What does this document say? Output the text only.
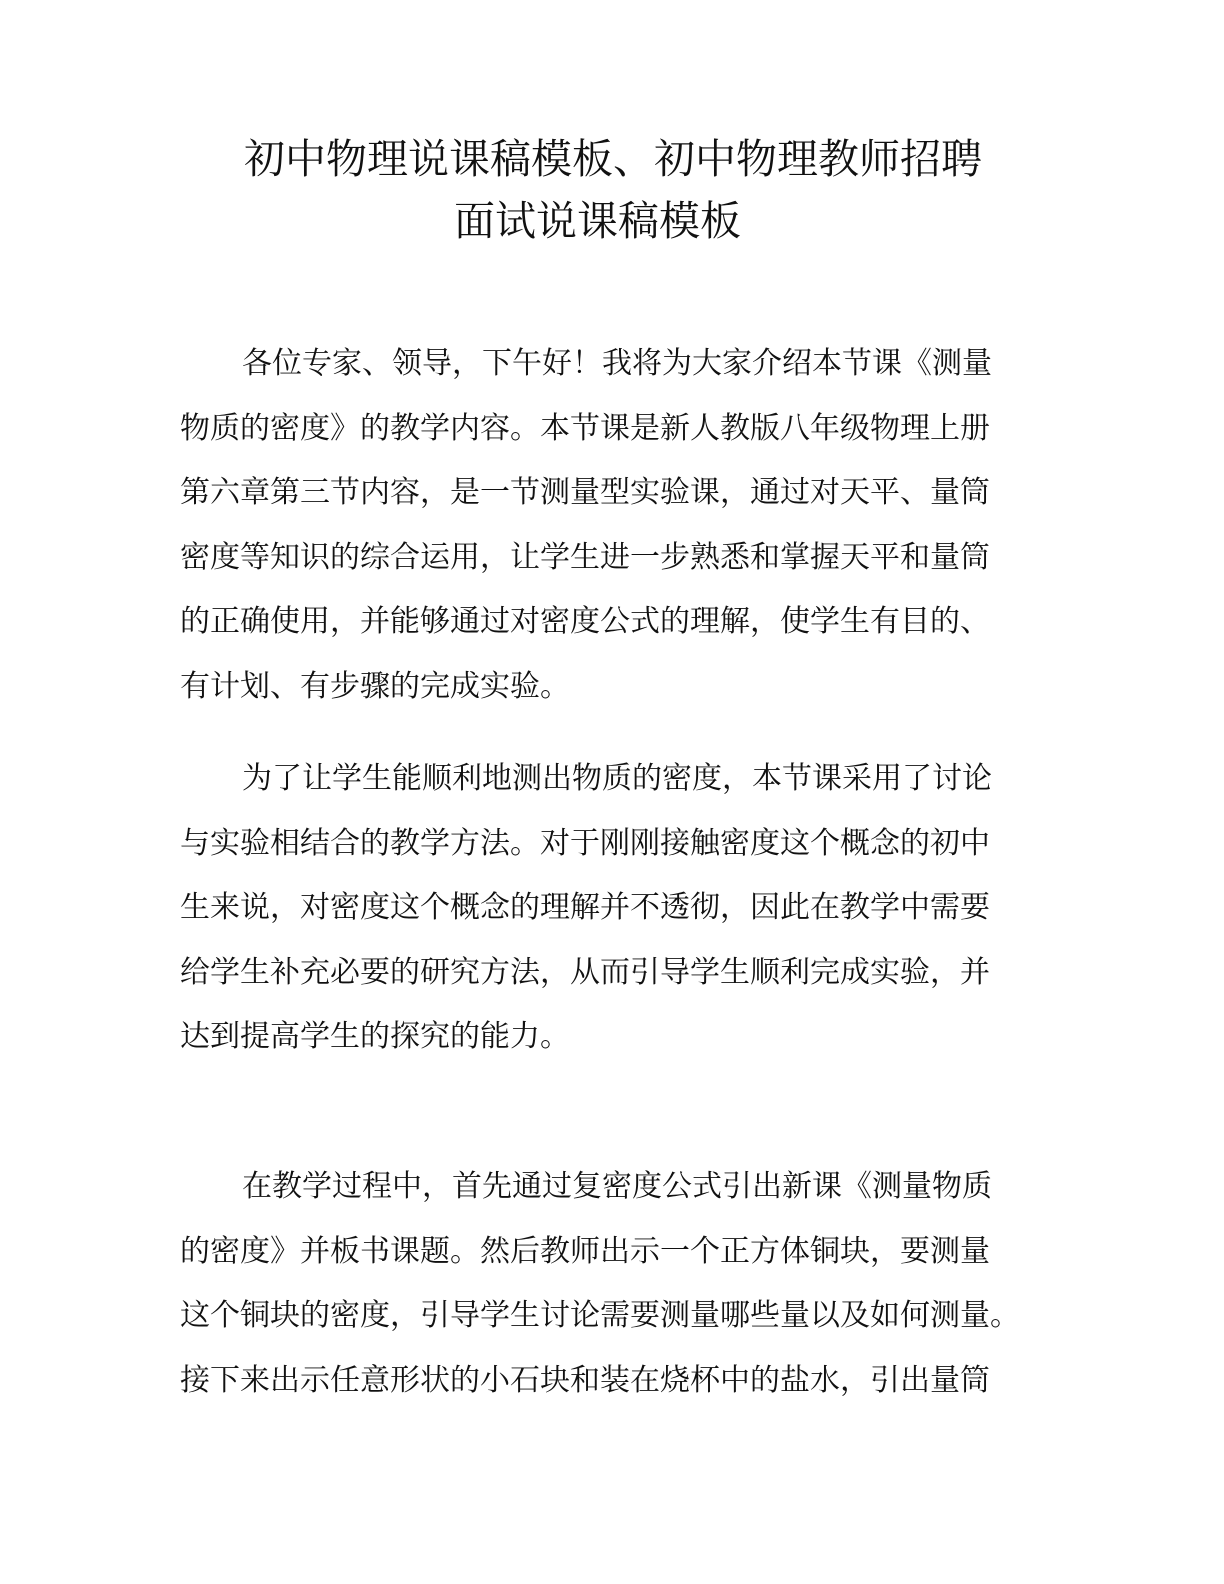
初中物理说课稿模板、初中物理教师招聘
面试说课稿模板

各位专家、领导，下午好！我将为大家介绍本节课《测量
物质的密度》的教学内容。本节课是新人教版八年级物理上册
第六章第三节内容，是一节测量型实验课，通过对天平、量筒
密度等知识的综合运用，让学生进一步熟悉和掌握天平和量筒
的正确使用，并能够通过对密度公式的理解，使学生有目的、
有计划、有步骤的完成实验。

为了让学生能顺利地测出物质的密度，本节课采用了讨论
与实验相结合的教学方法。对于刚刚接触密度这个概念的初中
生来说，对密度这个概念的理解并不透彻，因此在教学中需要
给学生补充必要的研究方法，从而引导学生顺利完成实验，并
达到提高学生的探究的能力。

在教学过程中，首先通过复密度公式引出新课《测量物质
的密度》并板书课题。然后教师出示一个正方体铜块，要测量
这个铜块的密度，引导学生讨论需要测量哪些量以及如何测量。
接下来出示任意形状的小石块和装在烧杯中的盐水，引出量筒
